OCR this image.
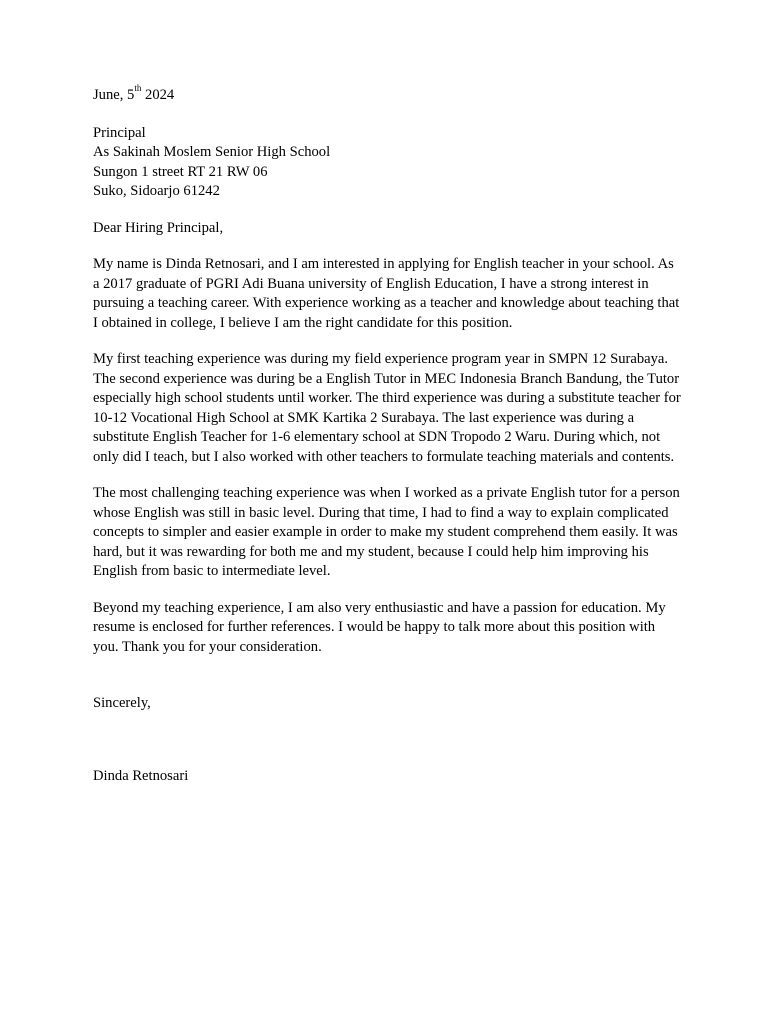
June, 5th 2024

Principal
As Sakinah Moslem Senior High School
Sungon 1 street RT 21 RW 06
Suko, Sidoarjo 61242

Dear Hiring Principal,

My name is Dinda Retnosari, and I am interested in applying for English teacher in your school. As a 2017 graduate of PGRI Adi Buana university of English Education, I have a strong interest in pursuing a teaching career. With experience working as a teacher and knowledge about teaching that I obtained in college, I believe I am the right candidate for this position.

My first teaching experience was during my field experience program year in SMPN 12 Surabaya. The second experience was during be a English Tutor in MEC Indonesia Branch Bandung, the Tutor especially high school students until worker. The third experience was during a substitute teacher for 10-12 Vocational High School at SMK Kartika 2 Surabaya. The last experience was during a substitute English Teacher for 1-6 elementary school at SDN Tropodo 2 Waru. During which, not only did I teach, but I also worked with other teachers to formulate teaching materials and contents.

The most challenging teaching experience was when I worked as a private English tutor for a person whose English was still in basic level. During that time, I had to find a way to explain complicated concepts to simpler and easier example in order to make my student comprehend them easily. It was hard, but it was rewarding for both me and my student, because I could help him improving his English from basic to intermediate level.

Beyond my teaching experience, I am also very enthusiastic and have a passion for education. My resume is enclosed for further references. I would be happy to talk more about this position with you. Thank you for your consideration.

Sincerely,

Dinda Retnosari
